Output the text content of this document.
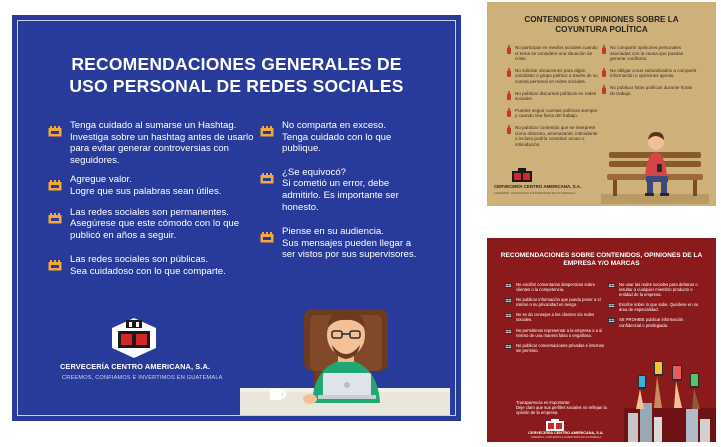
RECOMENDACIONES GENERALES DE USO PERSONAL DE REDES SOCIALES
Tenga cuidado al sumarse un Hashtag. Investiga sobre un hashtag antes de usarlo para evitar generar controversias con seguidores.
Agregue valor.
Logre que sus palabras sean útiles.
Las redes sociales son permanentes. Asegúrese que este cómodo con lo que publicó en años a seguir.
Las redes sociales son públicas.
Sea cuidadoso con lo que comparte.
No comparta en exceso.
Tenga cuidado con lo que publique.
¿Se equivocó?
Si cometió un error, debe admitirlo. Es importante ser honesto.
Piense en su audiencia.
Sus mensajes pueden llegar a ser vistos por sus supervisores.
CERVECERÍA CENTRO AMERICANA, S.A.
CREEMOS, CONFIAMOS E INVERTIMOS EN GUATEMALA
CONTENIDOS Y OPINIONES SOBRE LA COYUNTURA POLÍTICA
No participar en medios sociales cuando el tema se considere una situación de crisis.
No solicitar donaciones para algún candidato o grupo político a través de su cuenta personal en redes sociales.
No publicar discursos políticos en redes sociales.
Puedes seguir cuentas políticas siempre y cuando sea fuera del trabajo.
No publicar contenido que se interprete como obsceno, amenazante, intimidante o incluso podría constituir acoso o intimidación.
No compartir opiniones personales asociadas con la causa que puedan generar conflictos.
No obligar a sus subordinados a compartir información u opiniones ajenas.
No publicar fotos políticas durante horas de trabajo.
CERVECERÍA CENTRO AMERICANA, S.A.
CREEMOS, CONFIAMOS E INVERTIMOS EN GUATEMALA
RECOMENDACIONES SOBRE CONTENIDOS, OPINIONES DE LA EMPRESA Y/O MARCAS
No escribir comentarios despectivos sobre clientes o la competencia.
No publicar información que pueda poner a sí mismo o su privacidad en riesgo.
No se da consejos a los clientes vía redes sociales.
No permitimos representar a la empresa o a sí mismo de una manera falsa o engañosa.
No publicar conversaciones privadas e internas sin permiso.
No usar las redes sociales para defamar o insultar a cualquier miembro producto o entidad de la empresa.
Escribe sobre lo que sabe. Quédese en su área de especialidad.
SE PROHIBE publicar información confidencial o privilegiada.
Transparencia es Importante:
Deje claro que sus perfiles sociales no reflejan la opinión de la empresa.
CERVECERÍA CENTRO AMERICANA, S.A.
CREEMOS, CONFIAMOS E INVERTIMOS EN GUATEMALA
